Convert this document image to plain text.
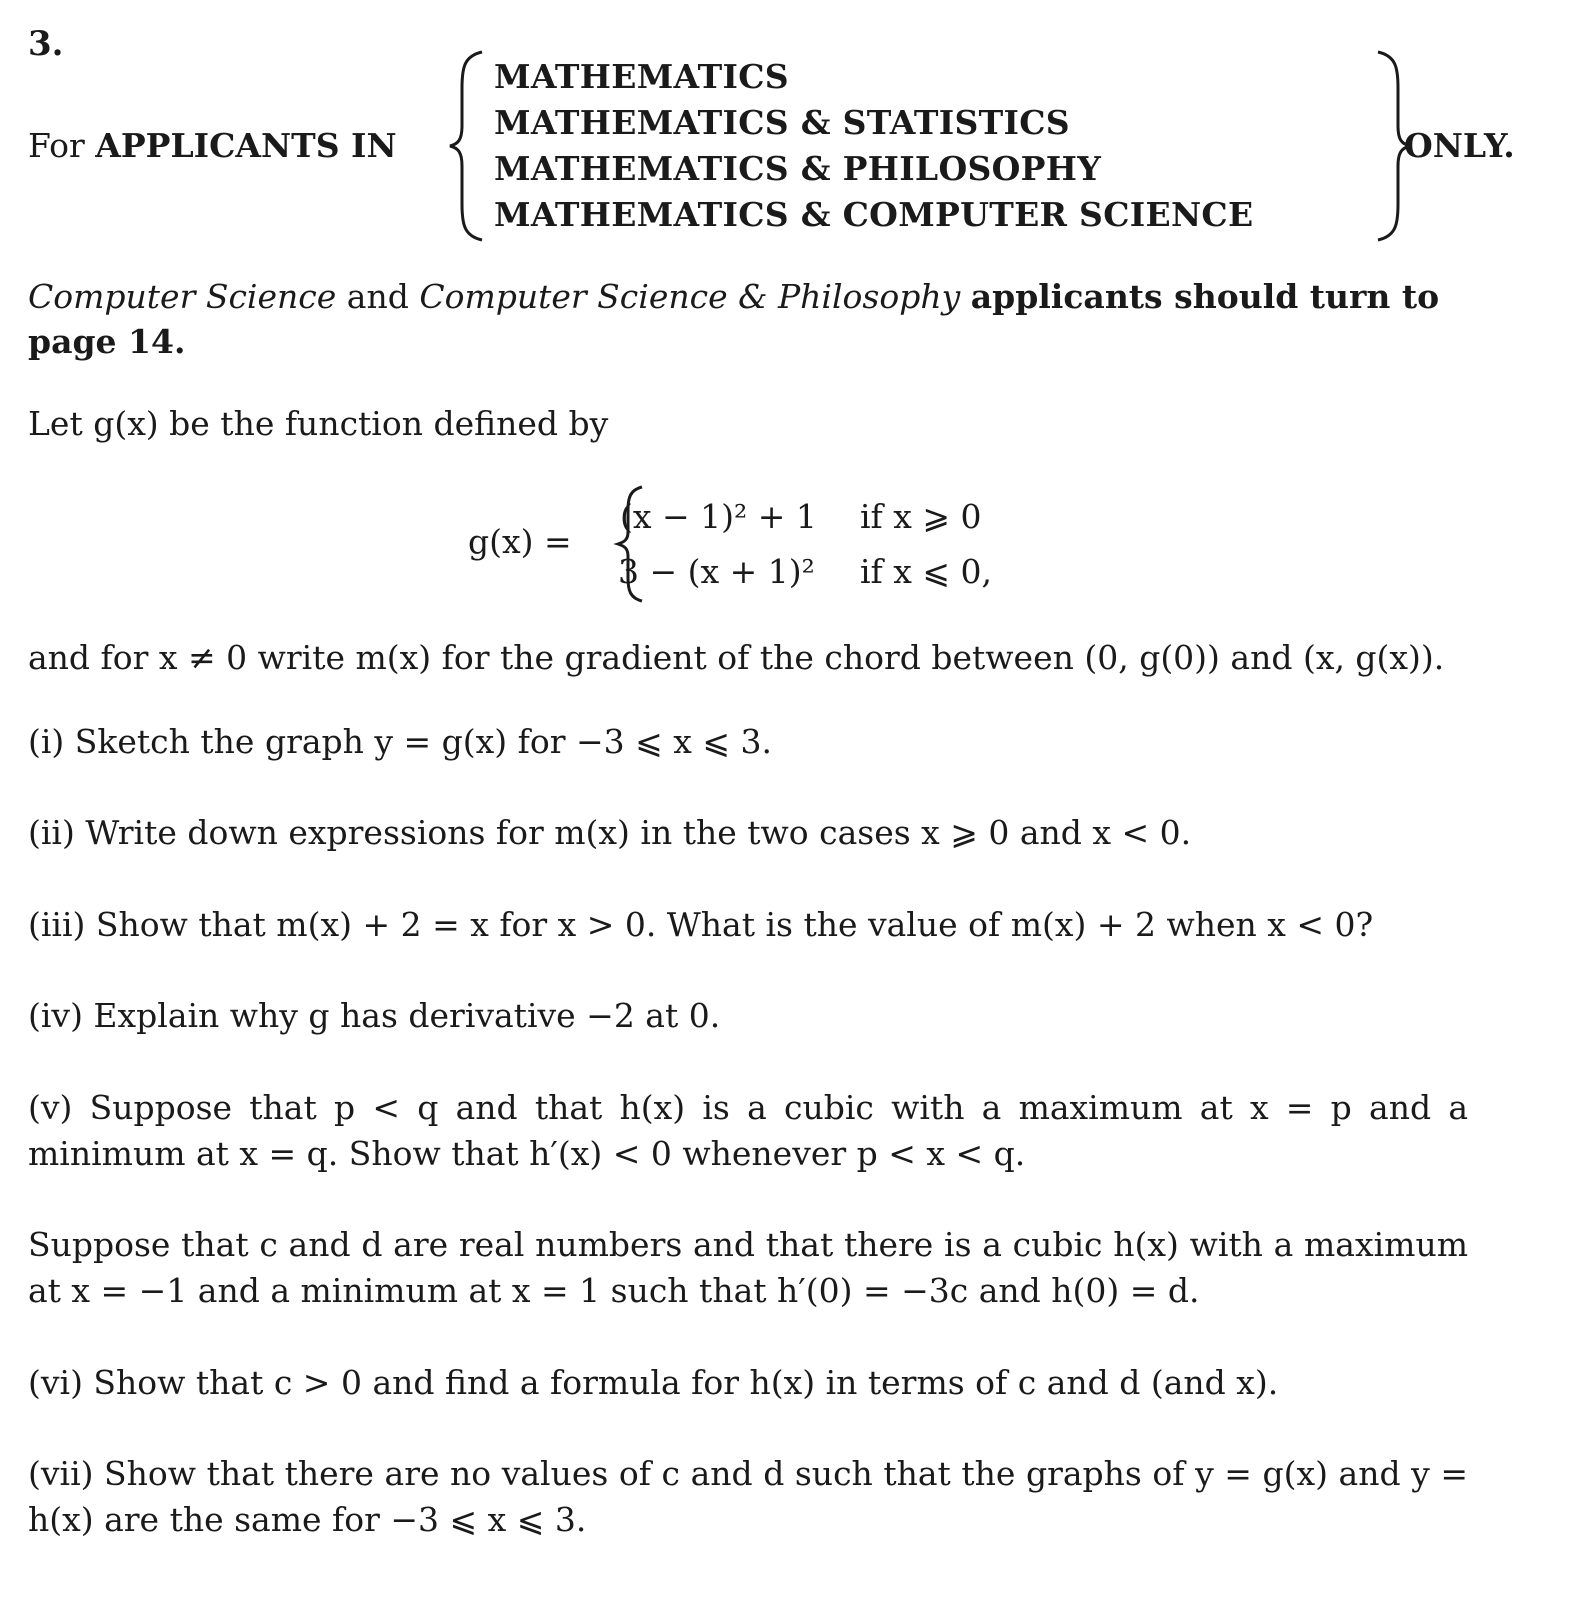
3.
For APPLICANTS IN
MATHEMATICS
MATHEMATICS & STATISTICS
MATHEMATICS & PHILOSOPHY
MATHEMATICS & COMPUTER SCIENCE
ONLY.
Computer Science and Computer Science & Philosophy applicants should turn to page 14.
Let g(x) be the function defined by
g(x) =
(x − 1)² + 1 if x ⩾ 0
3 − (x + 1)² if x ⩽ 0,
and for x ≠ 0 write m(x) for the gradient of the chord between (0, g(0)) and (x, g(x)).
(i) Sketch the graph y = g(x) for −3 ⩽ x ⩽ 3.
(ii) Write down expressions for m(x) in the two cases x ⩾ 0 and x < 0.
(iii) Show that m(x) + 2 = x for x > 0. What is the value of m(x) + 2 when x < 0?
(iv) Explain why g has derivative −2 at 0.
(v) Suppose that p < q and that h(x) is a cubic with a maximum at x = p and a minimum at x = q. Show that h′(x) < 0 whenever p < x < q.
Suppose that c and d are real numbers and that there is a cubic h(x) with a maximum at x = −1 and a minimum at x = 1 such that h′(0) = −3c and h(0) = d.
(vi) Show that c > 0 and find a formula for h(x) in terms of c and d (and x).
(vii) Show that there are no values of c and d such that the graphs of y = g(x) and y = h(x) are the same for −3 ⩽ x ⩽ 3.
